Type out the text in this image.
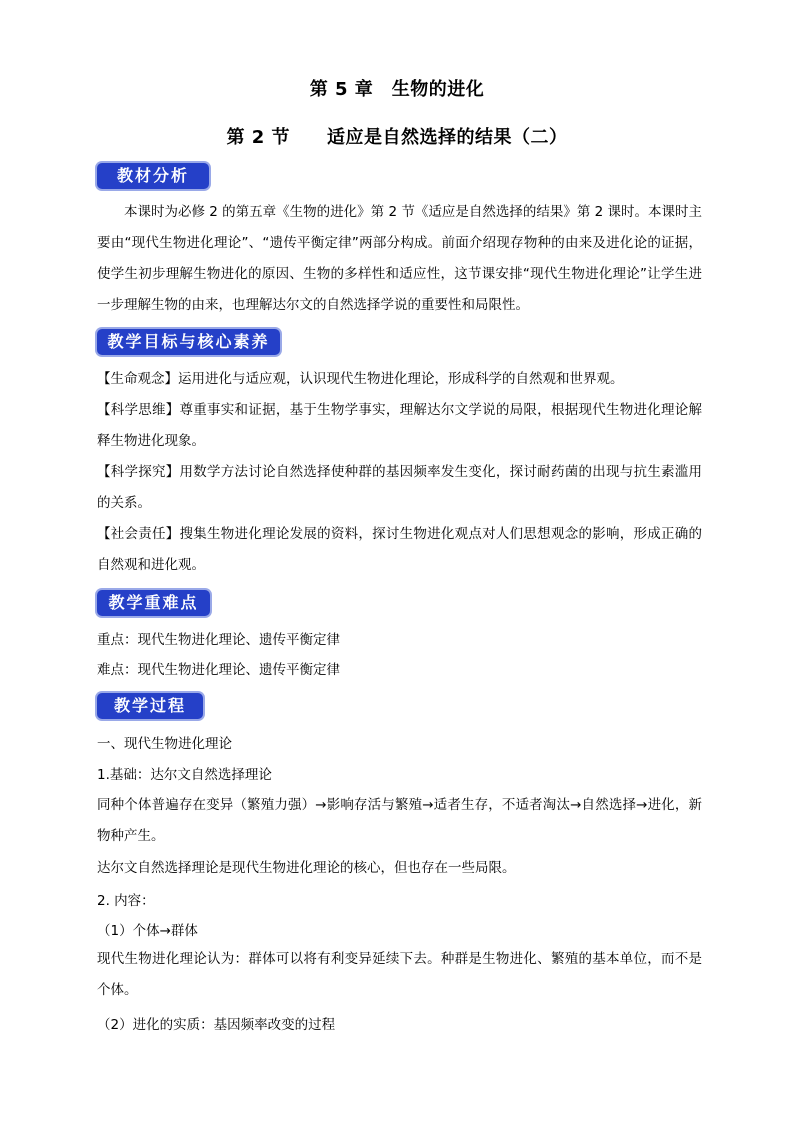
第 5 章　生物的进化
第 2 节　　适应是自然选择的结果（二）
教材分析
本课时为必修 2 的第五章《生物的进化》第 2 节《适应是自然选择的结果》第 2 课时。本课时主要由“现代生物进化理论”、“遗传平衡定律”两部分构成。前面介绍现存物种的由来及进化论的证据，使学生初步理解生物进化的原因、生物的多样性和适应性，这节课安排“现代生物进化理论”让学生进一步理解生物的由来，也理解达尔文的自然选择学说的重要性和局限性。
教学目标与核心素养
【生命观念】运用进化与适应观，认识现代生物进化理论，形成科学的自然观和世界观。
【科学思维】尊重事实和证据，基于生物学事实，理解达尔文学说的局限，根据现代生物进化理论解释生物进化现象。
【科学探究】用数学方法讨论自然选择使种群的基因频率发生变化，探讨耐药菌的出现与抗生素滥用的关系。
【社会责任】搜集生物进化理论发展的资料，探讨生物进化观点对人们思想观念的影响，形成正确的自然观和进化观。
教学重难点
重点：现代生物进化理论、遗传平衡定律
难点：现代生物进化理论、遗传平衡定律
教学过程
一、现代生物进化理论
1.基础：达尔文自然选择理论
同种个体普遍存在变异（繁殖力强）→影响存活与繁殖→适者生存，不适者淘汰→自然选择→进化，新物种产生。
达尔文自然选择理论是现代生物进化理论的核心，但也存在一些局限。
2. 内容：
（1）个体→群体
现代生物进化理论认为：群体可以将有利变异延续下去。种群是生物进化、繁殖的基本单位，而不是个体。
（2）进化的实质：基因频率改变的过程
